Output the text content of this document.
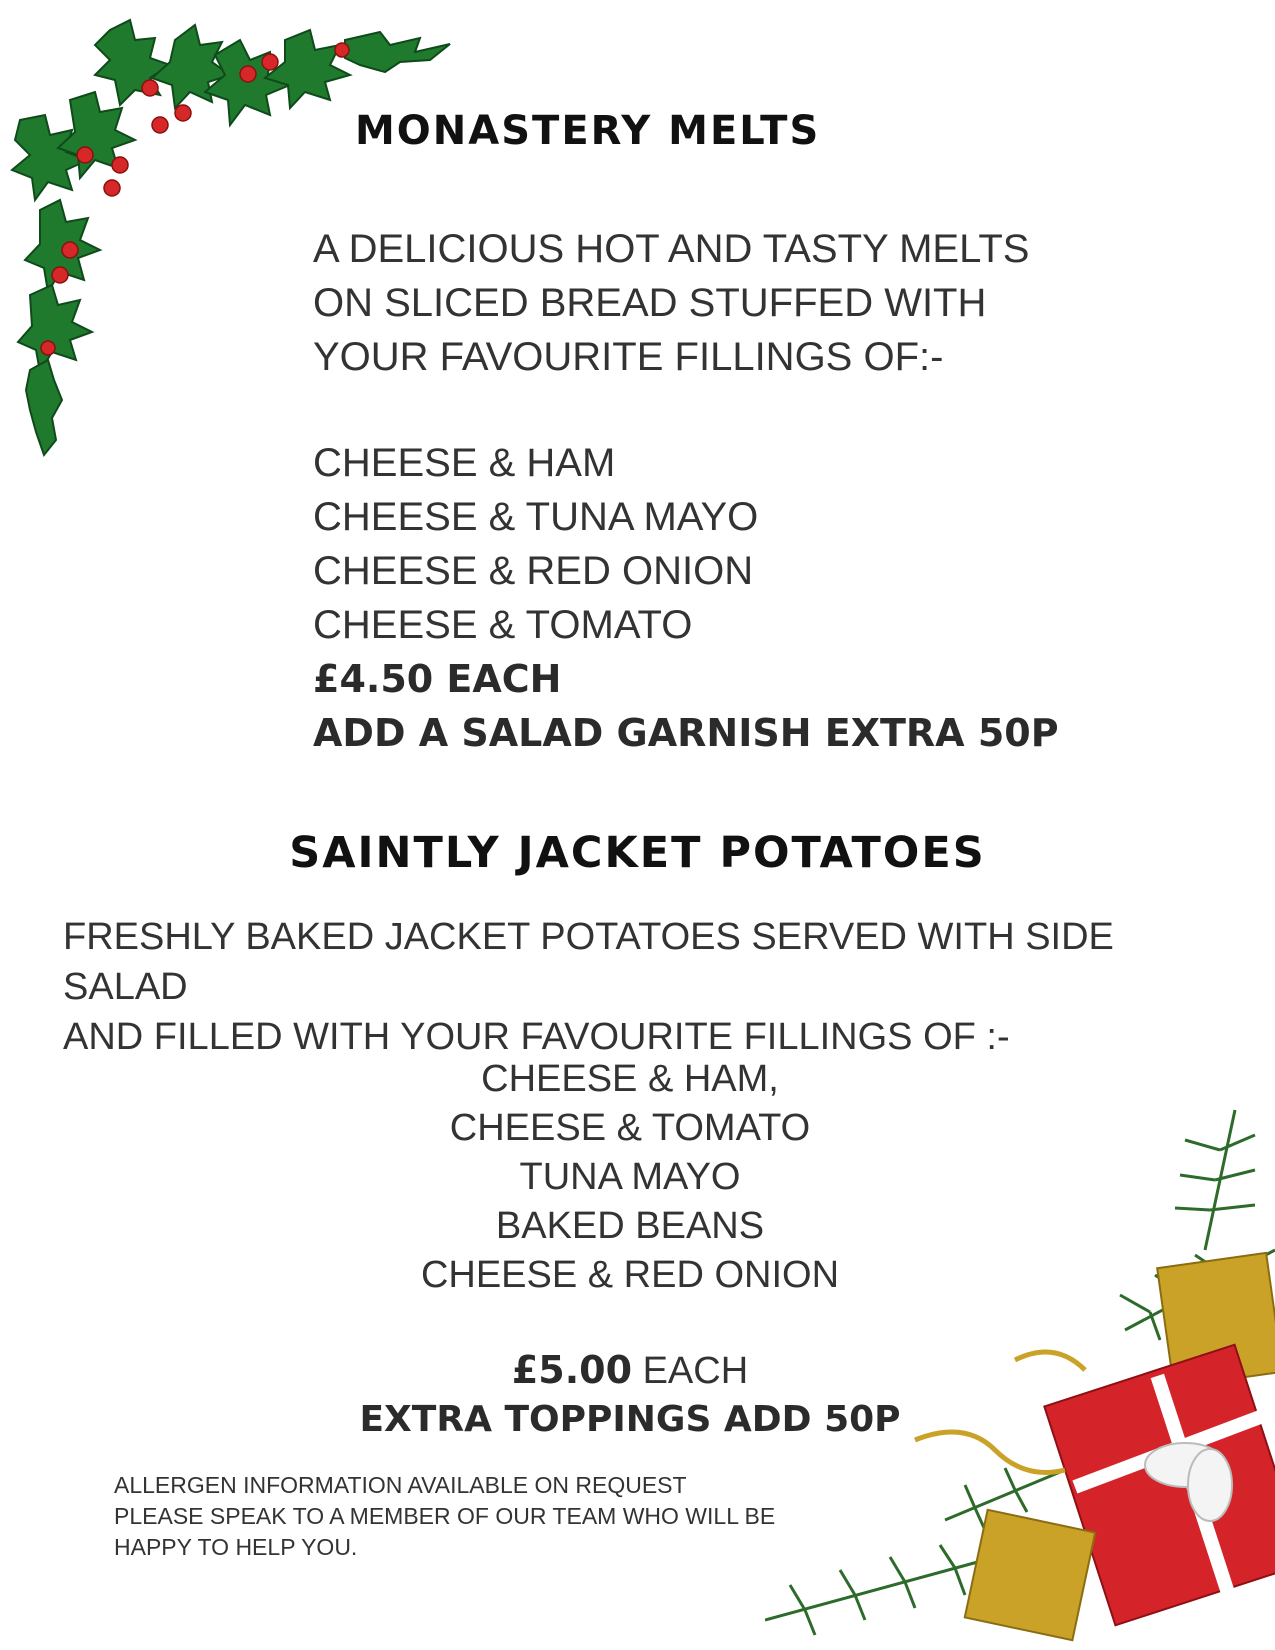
MONASTERY MELTS
A DELICIOUS HOT AND TASTY MELTS
ON SLICED BREAD STUFFED WITH
YOUR FAVOURITE FILLINGS OF:-
CHEESE & HAM
CHEESE & TUNA MAYO
CHEESE & RED ONION
CHEESE & TOMATO
£4.50 EACH
ADD A SALAD GARNISH EXTRA 50P
SAINTLY JACKET POTATOES
FRESHLY BAKED JACKET POTATOES SERVED WITH SIDE SALAD
AND FILLED WITH YOUR FAVOURITE FILLINGS OF :-
CHEESE & HAM,
CHEESE & TOMATO
TUNA MAYO
BAKED BEANS
CHEESE & RED ONION
£5.00 EACH
EXTRA TOPPINGS ADD 50P
ALLERGEN INFORMATION AVAILABLE ON REQUEST
PLEASE SPEAK TO A MEMBER OF OUR TEAM WHO WILL BE
HAPPY TO HELP YOU.
